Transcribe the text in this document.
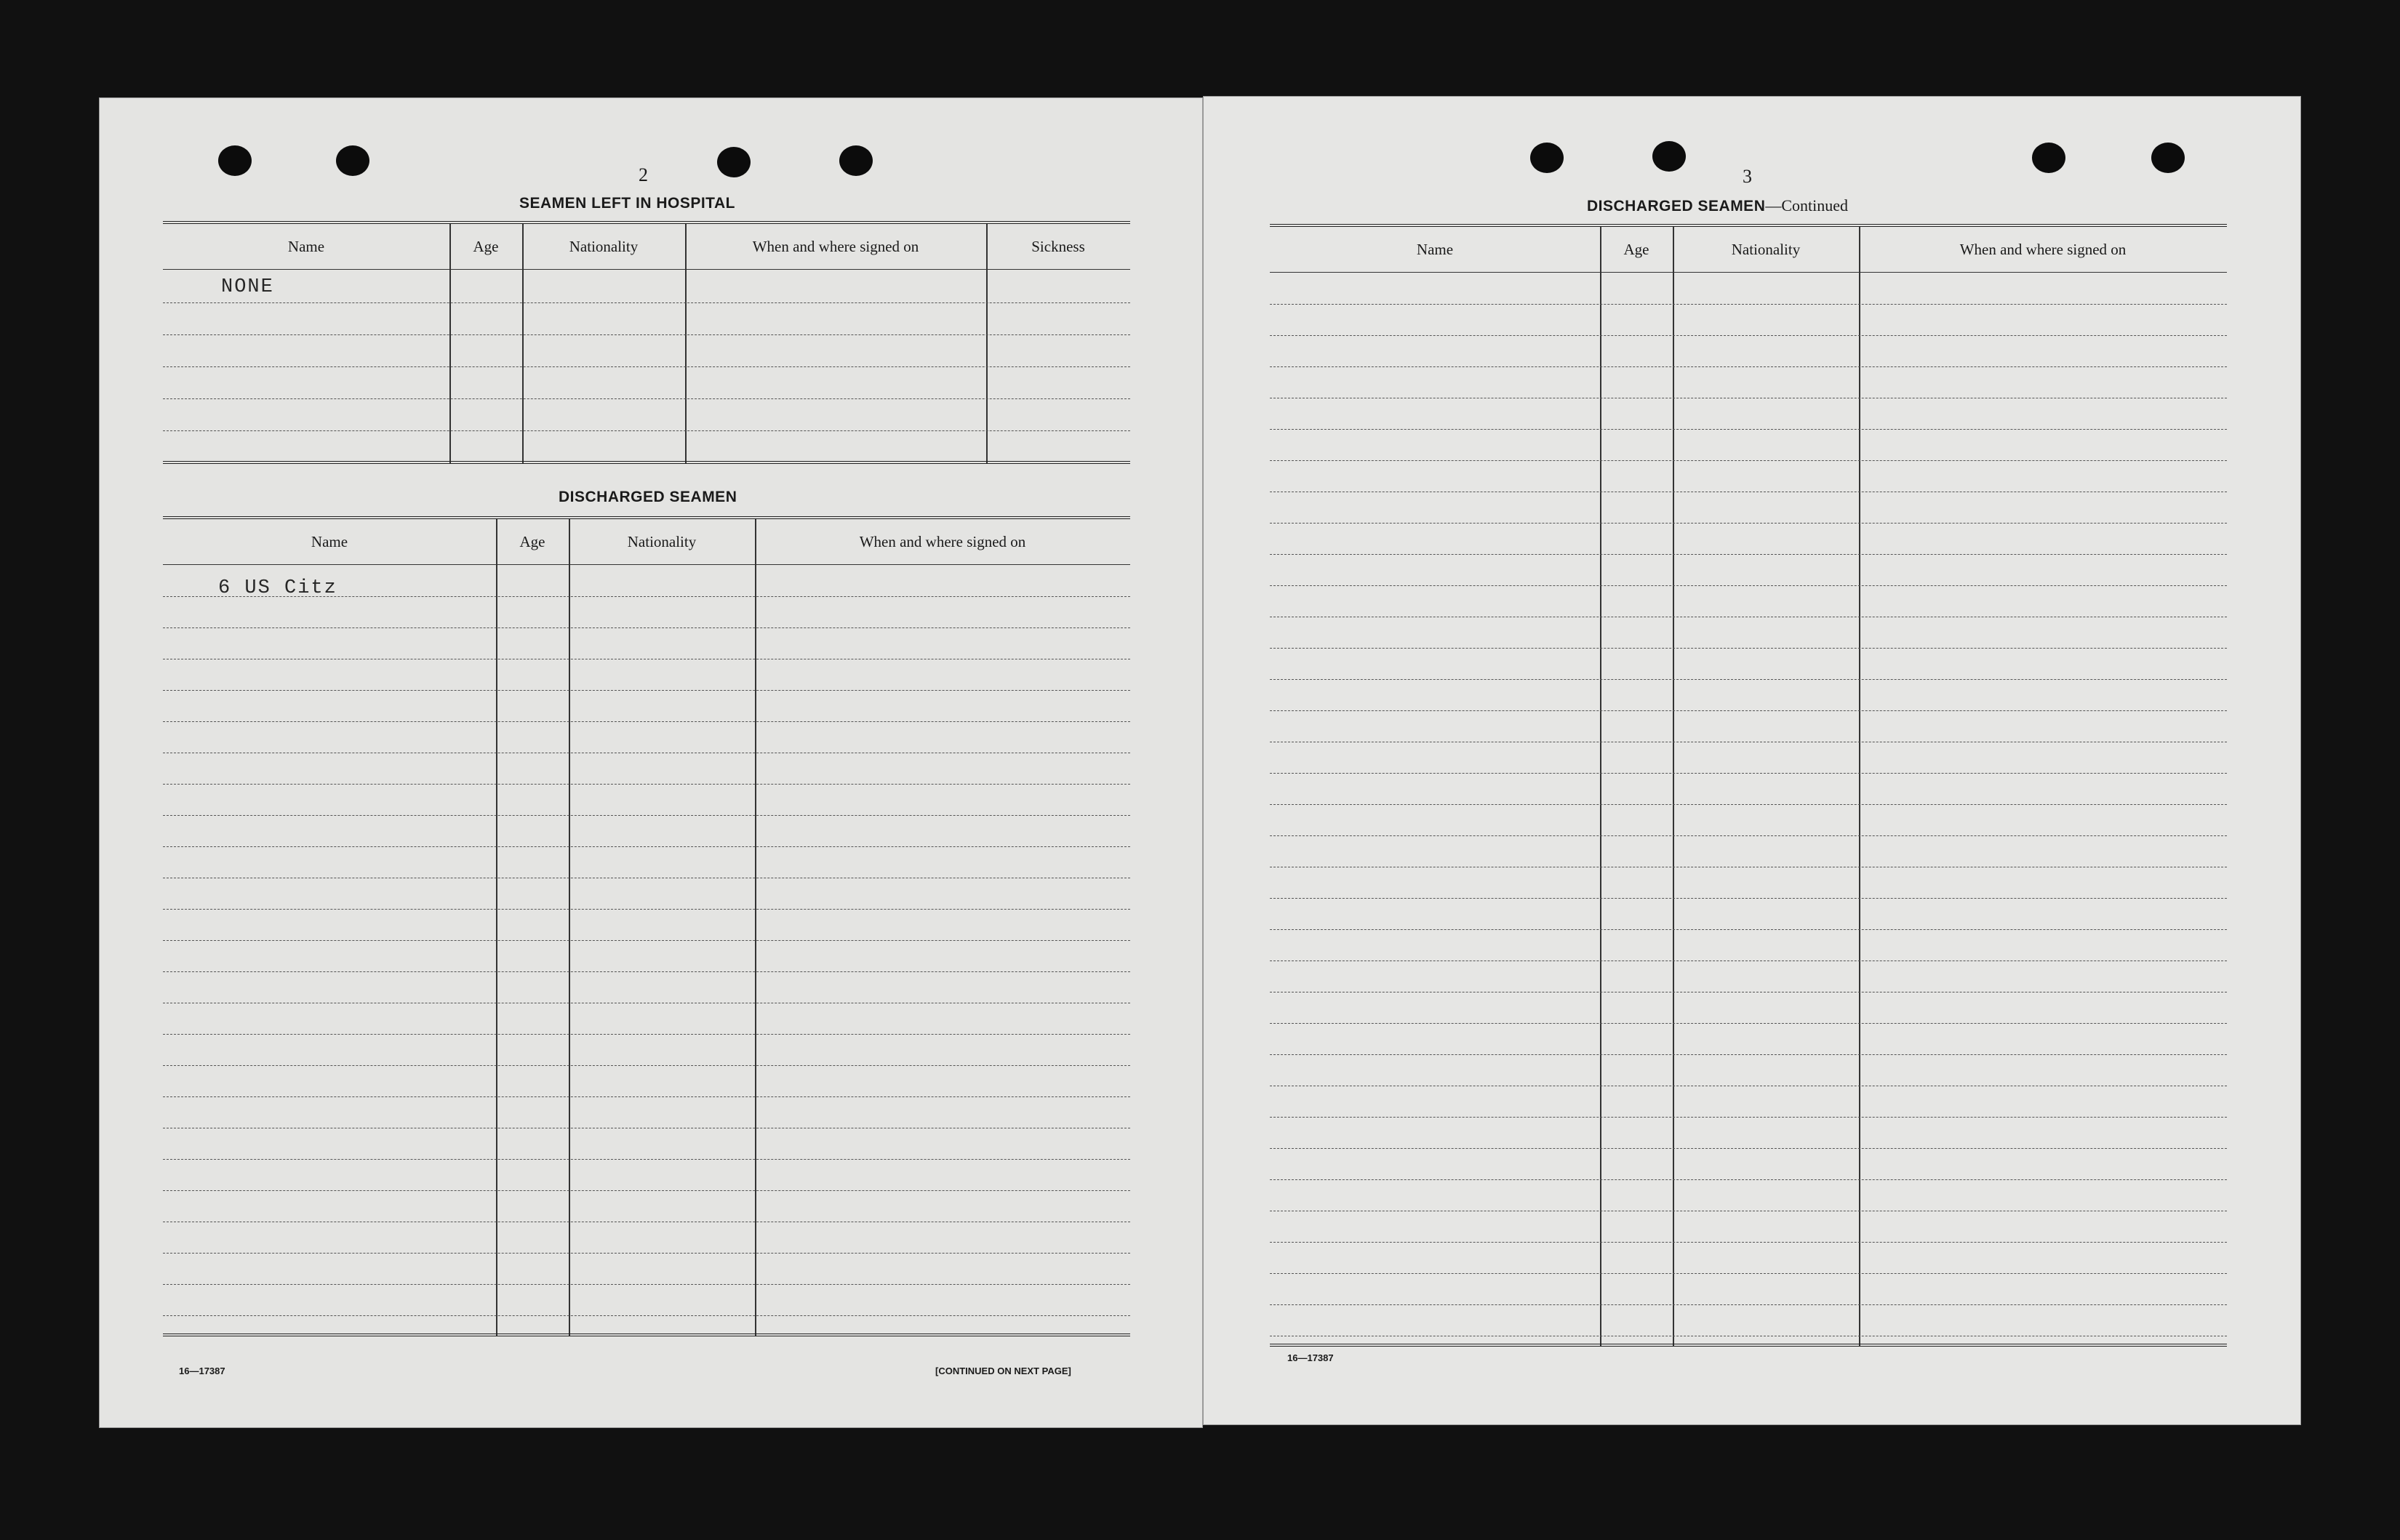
2
SEAMEN LEFT IN HOSPITAL
Name	Age	Nationality	When and where signed on	Sickness
NONE
DISCHARGED SEAMEN
Name	Age	Nationality	When and where signed on
6 US Citz
16—17387	[CONTINUED ON NEXT PAGE]
3
DISCHARGED SEAMEN—Continued
Name	Age	Nationality	When and where signed on
16—17387
